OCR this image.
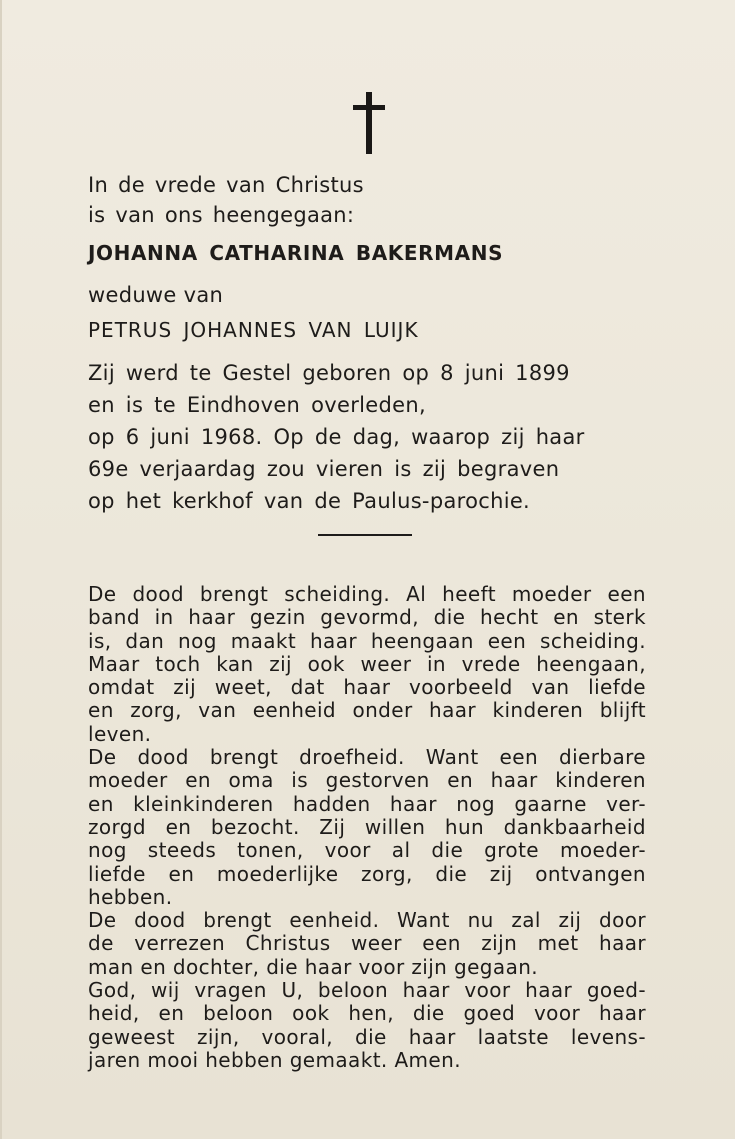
In de vrede van Christus
is van ons heengegaan:
JOHANNA CATHARINA BAKERMANS
weduwe van
PETRUS JOHANNES VAN LUIJK
Zij werd te Gestel geboren op 8 juni 1899
en is te Eindhoven overleden,
op 6 juni 1968. Op de dag, waarop zij haar
69e verjaardag zou vieren is zij begraven
op het kerkhof van de Paulus-parochie.
De dood brengt scheiding. Al heeft moeder een
band in haar gezin gevormd, die hecht en sterk
is, dan nog maakt haar heengaan een scheiding.
Maar toch kan zij ook weer in vrede heengaan,
omdat zij weet, dat haar voorbeeld van liefde
en zorg, van eenheid onder haar kinderen blijft
leven.
De dood brengt droefheid. Want een dierbare
moeder en oma is gestorven en haar kinderen
en kleinkinderen hadden haar nog gaarne ver-
zorgd en bezocht. Zij willen hun dankbaarheid
nog steeds tonen, voor al die grote moeder-
liefde en moederlijke zorg, die zij ontvangen
hebben.
De dood brengt eenheid. Want nu zal zij door
de verrezen Christus weer een zijn met haar
man en dochter, die haar voor zijn gegaan.
God, wij vragen U, beloon haar voor haar goed-
heid, en beloon ook hen, die goed voor haar
geweest zijn, vooral, die haar laatste levens-
jaren mooi hebben gemaakt. Amen.
